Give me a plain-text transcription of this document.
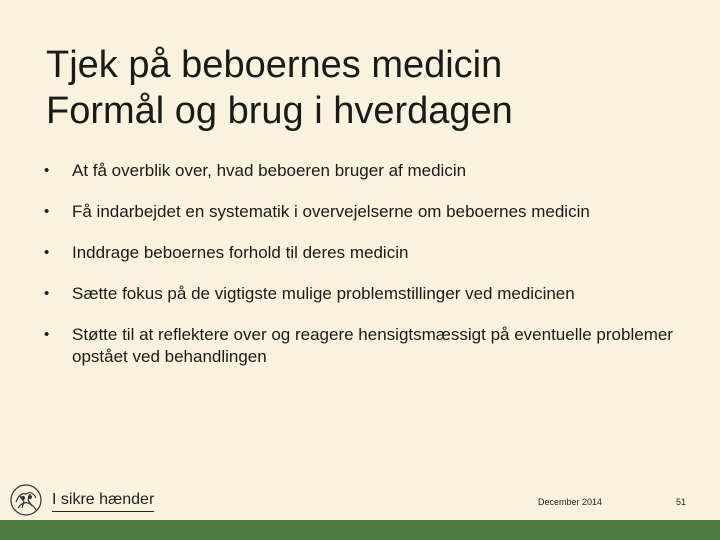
Tjek på beboernes medicin
Formål og brug i hverdagen
• At få overblik over, hvad beboeren bruger af medicin
• Få indarbejdet en systematik i overvejelserne om beboernes medicin
• Inddrage beboernes forhold til deres medicin
• Sætte fokus på de vigtigste mulige problemstillinger ved medicinen
• Støtte til at reflektere over og reagere hensigtsmæssigt på eventuelle problemer opstået ved behandlingen
I sikre hænder	December 2014	51
